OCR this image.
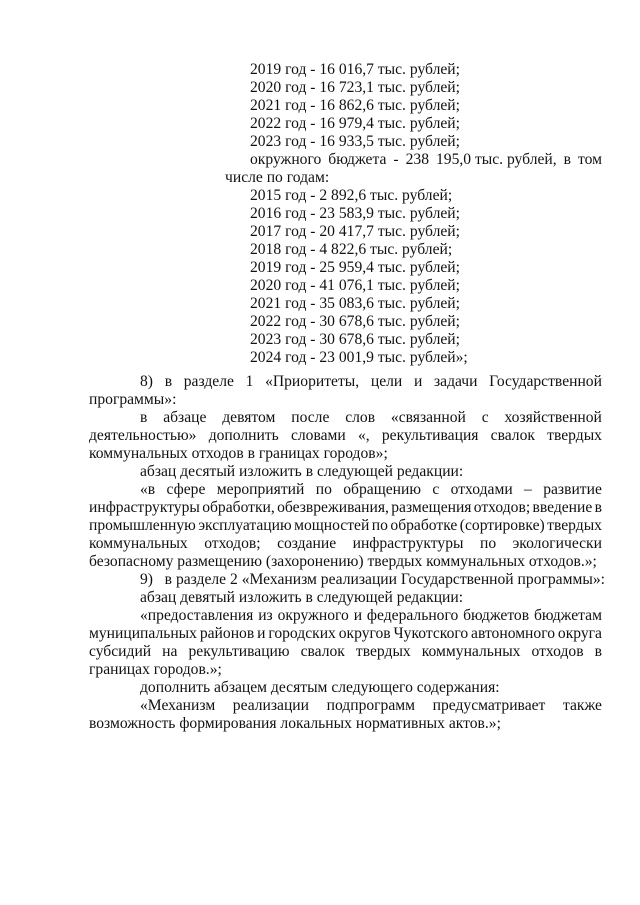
2019 год - 16 016,7 тыс. рублей;
2020 год - 16 723,1 тыс. рублей;
2021 год - 16 862,6 тыс. рублей;
2022 год - 16 979,4 тыс. рублей;
2023 год - 16 933,5 тыс. рублей;
окружного бюджета - 238 195,0 тыс. рублей, в том
числе по годам:
2015 год - 2 892,6 тыс. рублей;
2016 год - 23 583,9 тыс. рублей;
2017 год - 20 417,7 тыс. рублей;
2018 год - 4 822,6 тыс. рублей;
2019 год - 25 959,4 тыс. рублей;
2020 год - 41 076,1 тыс. рублей;
2021 год - 35 083,6 тыс. рублей;
2022 год - 30 678,6 тыс. рублей;
2023 год - 30 678,6 тыс. рублей;
2024 год - 23 001,9 тыс. рублей»;
8) в разделе 1 «Приоритеты, цели и задачи Государственной
программы»:
в абзаце девятом после слов «связанной с хозяйственной
деятельностью» дополнить словами «, рекультивация свалок твердых
коммунальных отходов в границах городов»;
абзац десятый изложить в следующей редакции:
«в сфере мероприятий по обращению с отходами – развитие
инфраструктуры обработки, обезвреживания, размещения отходов; введение в
промышленную эксплуатацию мощностей по обработке (сортировке) твердых
коммунальных отходов; создание инфраструктуры по экологически
безопасному размещению (захоронению) твердых коммунальных отходов.»;
9)   в разделе 2 «Механизм реализации Государственной программы»:
абзац девятый изложить в следующей редакции:
«предоставления из окружного и федерального бюджетов бюджетам
муниципальных районов и городских округов Чукотского автономного округа
субсидий на рекультивацию свалок твердых коммунальных отходов в
границах городов.»;
дополнить абзацем десятым следующего содержания:
«Механизм реализации подпрограмм предусматривает также
возможность формирования локальных нормативных актов.»;
